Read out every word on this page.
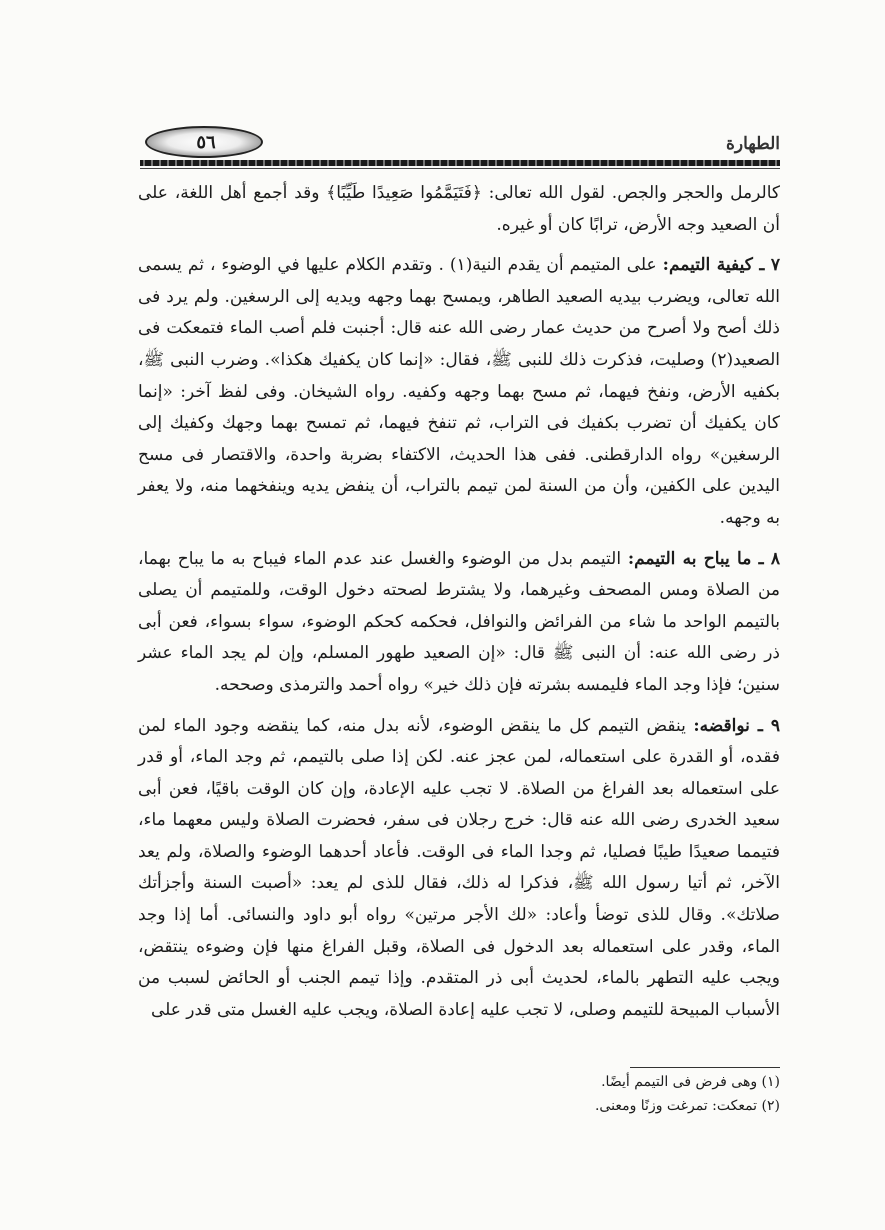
٥٦	الطهارة

كالرمل والحجر والجص. لقول الله تعالى: ﴿فَتَيَمَّمُوا صَعِيدًا طَيِّبًا﴾ وقد أجمع أهل اللغة، على أن الصعيد وجه الأرض، ترابًا كان أو غيره.

٧ ـ كيفية التيمم: على المتيمم أن يقدم النية(١) . وتقدم الكلام عليها في الوضوء ، ثم يسمى الله تعالى، ويضرب بيديه الصعيد الطاهر، ويمسح بهما وجهه ويديه إلى الرسغين. ولم يرد فى ذلك أصح ولا أصرح من حديث عمار رضى الله عنه قال: أجنبت فلم أصب الماء فتمعكت فى الصعيد(٢) وصليت، فذكرت ذلك للنبى ﷺ، فقال: «إنما كان يكفيك هكذا». وضرب النبى ﷺ، بكفيه الأرض، ونفخ فيهما، ثم مسح بهما وجهه وكفيه. رواه الشيخان. وفى لفظ آخر: «إنما كان يكفيك أن تضرب بكفيك فى التراب، ثم تنفخ فيهما، ثم تمسح بهما وجهك وكفيك إلى الرسغين» رواه الدارقطنى. ففى هذا الحديث، الاكتفاء بضربة واحدة، والاقتصار فى مسح اليدين على الكفين، وأن من السنة لمن تيمم بالتراب، أن ينفض يديه وينفخهما منه، ولا يعفر به وجهه.

٨ ـ ما يباح به التيمم: التيمم بدل من الوضوء والغسل عند عدم الماء فيباح به ما يباح بهما، من الصلاة ومس المصحف وغيرهما، ولا يشترط لصحته دخول الوقت، وللمتيمم أن يصلى بالتيمم الواحد ما شاء من الفرائض والنوافل، فحكمه كحكم الوضوء، سواء بسواء، فعن أبى ذر رضى الله عنه: أن النبى ﷺ قال: «إن الصعيد طهور المسلم، وإن لم يجد الماء عشر سنين؛ فإذا وجد الماء فليمسه بشرته فإن ذلك خير» رواه أحمد والترمذى وصححه.

٩ ـ نواقضه: ينقض التيمم كل ما ينقض الوضوء، لأنه بدل منه، كما ينقضه وجود الماء لمن فقده، أو القدرة على استعماله، لمن عجز عنه. لكن إذا صلى بالتيمم، ثم وجد الماء، أو قدر على استعماله بعد الفراغ من الصلاة. لا تجب عليه الإعادة، وإن كان الوقت باقيًا، فعن أبى سعيد الخدرى رضى الله عنه قال: خرج رجلان فى سفر، فحضرت الصلاة وليس معهما ماء، فتيمما صعيدًا طيبًا فصليا، ثم وجدا الماء فى الوقت. فأعاد أحدهما الوضوء والصلاة، ولم يعد الآخر، ثم أتيا رسول الله ﷺ، فذكرا له ذلك، فقال للذى لم يعد: «أصبت السنة وأجزأتك صلاتك». وقال للذى توضأ وأعاد: «لك الأجر مرتين» رواه أبو داود والنسائى. أما إذا وجد الماء، وقدر على استعماله بعد الدخول فى الصلاة، وقبل الفراغ منها فإن وضوءه ينتقض، ويجب عليه التطهر بالماء، لحديث أبى ذر المتقدم. وإذا تيمم الجنب أو الحائض لسبب من الأسباب المبيحة للتيمم وصلى، لا تجب عليه إعادة الصلاة، ويجب عليه الغسل متى قدر على

(١) وهى فرض فى التيمم أيضًا.
(٢) تمعكت: تمرغت وزنًا ومعنى.
